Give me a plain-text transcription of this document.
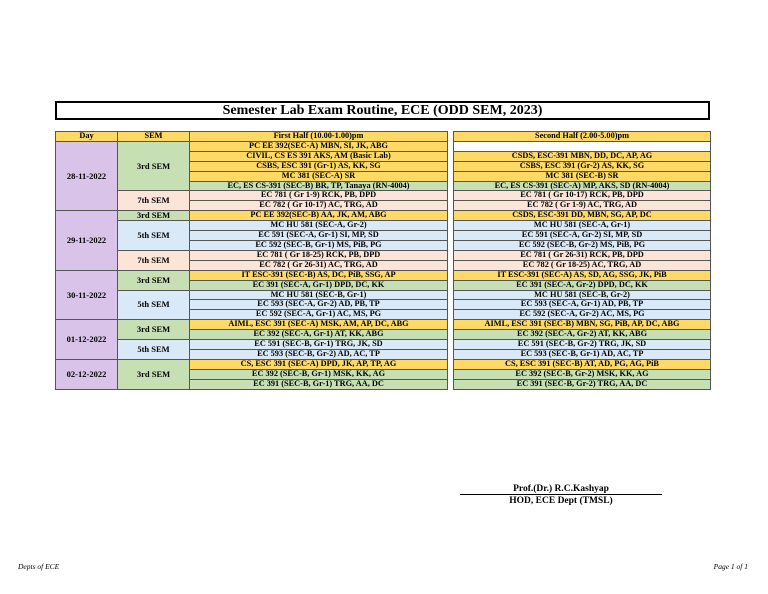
Semester Lab Exam Routine, ECE (ODD SEM, 2023)
Day	SEM	First Half (10.00-1.00)pm		Second Half (2.00-5.00)pm
28-11-2022	3rd SEM	PC EE 392(SEC-A) MBN, SI, JK, ABG		
		CIVIL, CS ES 391 AKS, AM (Basic Lab)		CSDS, ESC-391 MBN, DD, DC, AP, AG
		CSBS, ESC 391 (Gr-1) AS, KK, SG		CSBS, ESC 391 (Gr-2) AS, KK, SG
		MC 381 (SEC-A) SR		MC 381 (SEC-B) SR
		EC, ES CS-391 (SEC-B) BR, TP, Tanaya (RN-4004)		EC, ES CS-391 (SEC-A) MP, AKS, SD (RN-4004)
	7th SEM	EC 781 ( Gr 1-9) RCK, PB, DPD		EC 781 ( Gr 10-17) RCK, PB, DPD
		EC 782 ( Gr 10-17) AC, TRG, AD		EC 782 ( Gr 1-9) AC, TRG, AD
29-11-2022	3rd SEM	PC EE 392(SEC-B) AA, JK, AM, ABG		CSDS, ESC-391 DD, MBN, SG, AP, DC
	5th SEM	MC HU 581 (SEC-A, Gr-2)		MC HU 581 (SEC-A, Gr-1)
		EC 591 (SEC-A, Gr-1) SI, MP, SD		EC 591 (SEC-A, Gr-2) SI, MP, SD
		EC 592 (SEC-B, Gr-1) MS, PiB, PG		EC 592 (SEC-B, Gr-2) MS, PiB, PG
	7th SEM	EC 781 ( Gr 18-25) RCK, PB, DPD		EC 781 ( Gr 26-31) RCK, PB, DPD
		EC 782 ( Gr 26-31) AC, TRG, AD		EC 782 ( Gr 18-25) AC, TRG, AD
30-11-2022	3rd SEM	IT ESC-391 (SEC-B) AS, DC, PiB, SSG, AP		IT ESC-391 (SEC-A) AS, SD, AG, SSG, JK, PiB
		EC 391 (SEC-A, Gr-1) DPD, DC, KK		EC 391 (SEC-A, Gr-2) DPD, DC, KK
	5th SEM	MC HU 581 (SEC-B, Gr-1)		MC HU 581 (SEC-B, Gr-2)
		EC 593 (SEC-A, Gr-2) AD, PB, TP		EC 593 (SEC-A, Gr-1) AD, PB, TP
		EC 592 (SEC-A, Gr-1) AC, MS, PG		EC 592 (SEC-A, Gr-2) AC, MS, PG
01-12-2022	3rd SEM	AIML, ESC 391 (SEC-A) MSK, AM, AP, DC, ABG		AIML, ESC 391 (SEC-B) MBN, SG, PiB, AP, DC, ABG
		EC 392 (SEC-A, Gr-1) AT, KK, ABG		EC 392 (SEC-A, Gr-2) AT, KK, ABG
	5th SEM	EC 591 (SEC-B, Gr-1) TRG, JK, SD		EC 591 (SEC-B, Gr-2) TRG, JK, SD
		EC 593 (SEC-B, Gr-2) AD, AC, TP		EC 593 (SEC-B, Gr-1) AD, AC, TP
02-12-2022	3rd SEM	CS, ESC 391 (SEC-A) DPD, JK, AP, TP, AG		CS, ESC 391 (SEC-B) AT, AD, PG, AG, PiB
		EC 392 (SEC-B, Gr-1) MSK, KK, AG		EC 392 (SEC-B, Gr-2) MSK, KK, AG
		EC 391 (SEC-B, Gr-1) TRG, AA, DC		EC 391 (SEC-B, Gr-2) TRG, AA, DC
Prof.(Dr.) R.C.Kashyap
HOD, ECE Dept (TMSL)
Depts of ECE	Page 1 of 1
